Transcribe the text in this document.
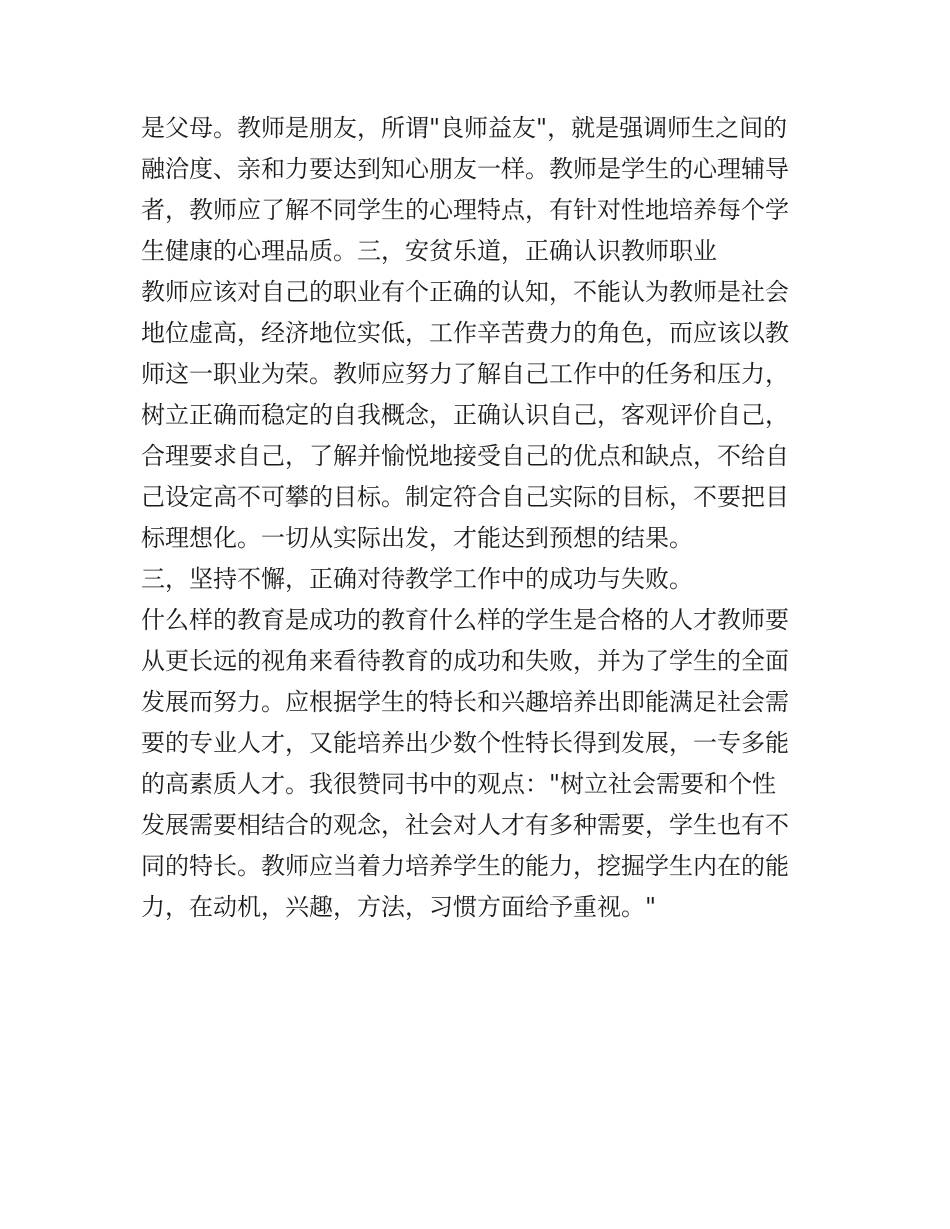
是父母。教师是朋友，所谓"良师益友"，就是强调师生之间的
融洽度、亲和力要达到知心朋友一样。教师是学生的心理辅导
者，教师应了解不同学生的心理特点，有针对性地培养每个学
生健康的心理品质。三，安贫乐道，正确认识教师职业
教师应该对自己的职业有个正确的认知，不能认为教师是社会
地位虚高，经济地位实低，工作辛苦费力的角色，而应该以教
师这一职业为荣。教师应努力了解自己工作中的任务和压力，
树立正确而稳定的自我概念，正确认识自己，客观评价自己，
合理要求自己，了解并愉悦地接受自己的优点和缺点，不给自
己设定高不可攀的目标。制定符合自己实际的目标，不要把目
标理想化。一切从实际出发，才能达到预想的结果。
三，坚持不懈，正确对待教学工作中的成功与失败。
什么样的教育是成功的教育什么样的学生是合格的人才教师要
从更长远的视角来看待教育的成功和失败，并为了学生的全面
发展而努力。应根据学生的特长和兴趣培养出即能满足社会需
要的专业人才，又能培养出少数个性特长得到发展，一专多能
的高素质人才。我很赞同书中的观点："树立社会需要和个性
发展需要相结合的观念，社会对人才有多种需要，学生也有不
同的特长。教师应当着力培养学生的能力，挖掘学生内在的能
力，在动机，兴趣，方法，习惯方面给予重视。"
